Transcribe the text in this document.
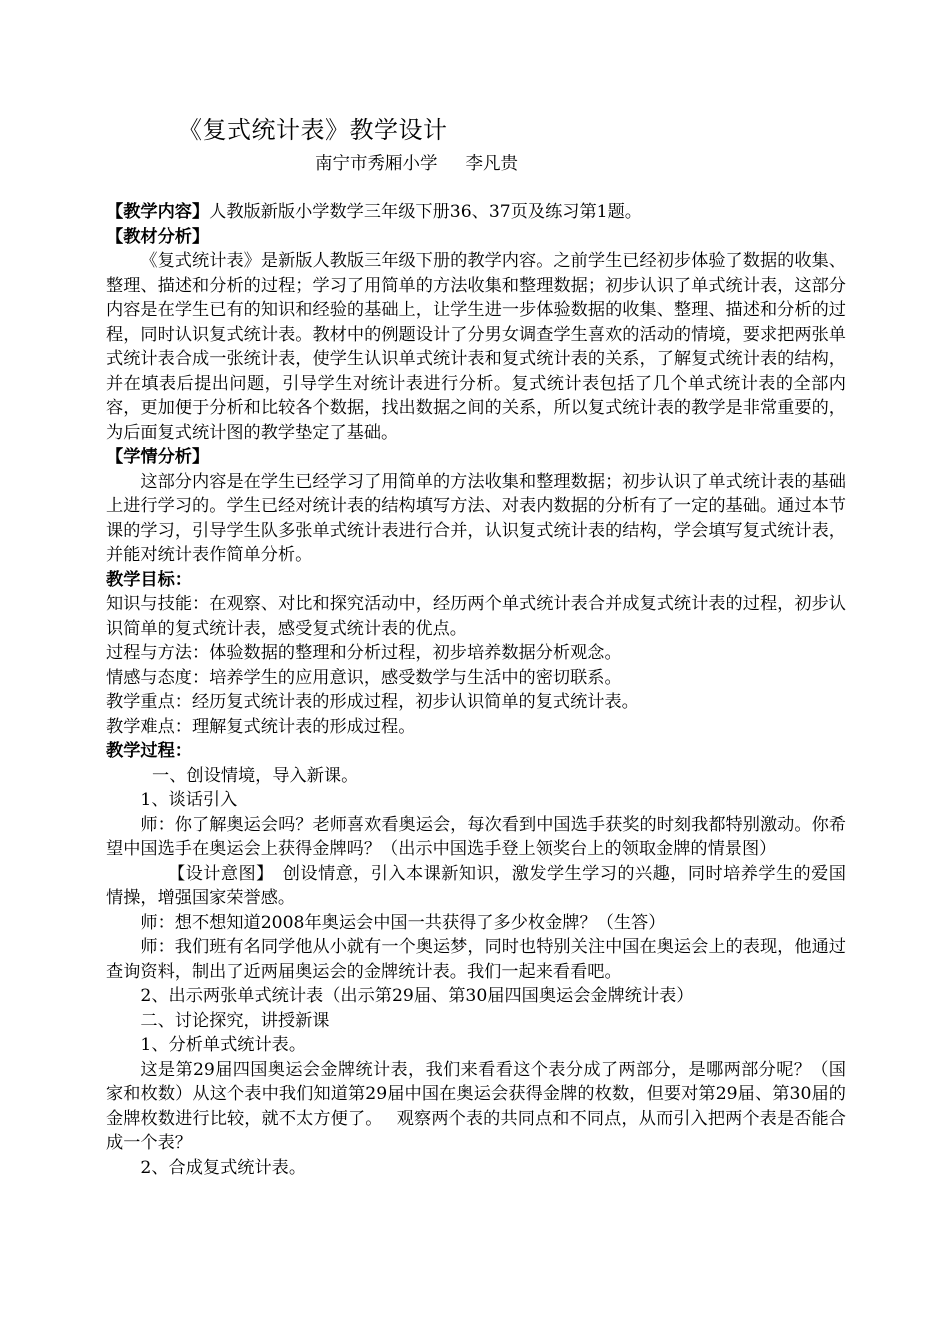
《复式统计表》教学设计
南宁市秀厢小学 李凡贵

【教学内容】人教版新版小学数学三年级下册36、37页及练习第1题。

【教材分析】

《复式统计表》是新版人教版三年级下册的教学内容。之前学生已经初步体验了数据的收集、整理、描述和分析的过程；学习了用简单的方法收集和整理数据；初步认识了单式统计表，这部分内容是在学生已有的知识和经验的基础上，让学生进一步体验数据的收集、整理、描述和分析的过程，同时认识复式统计表。教材中的例题设计了分男女调查学生喜欢的活动的情境，要求把两张单式统计表合成一张统计表，使学生认识单式统计表和复式统计表的关系，了解复式统计表的结构，并在填表后提出问题，引导学生对统计表进行分析。复式统计表包括了几个单式统计表的全部内容，更加便于分析和比较各个数据，找出数据之间的关系，所以复式统计表的教学是非常重要的，为后面复式统计图的教学垫定了基础。

【学情分析】

这部分内容是在学生已经学习了用简单的方法收集和整理数据；初步认识了单式统计表的基础上进行学习的。学生已经对统计表的结构填写方法、对表内数据的分析有了一定的基础。通过本节课的学习，引导学生队多张单式统计表进行合并，认识复式统计表的结构，学会填写复式统计表，并能对统计表作简单分析。

教学目标：

知识与技能：在观察、对比和探究活动中，经历两个单式统计表合并成复式统计表的过程，初步认识简单的复式统计表，感受复式统计表的优点。

过程与方法：体验数据的整理和分析过程，初步培养数据分析观念。

情感与态度：培养学生的应用意识，感受数学与生活中的密切联系。

教学重点：经历复式统计表的形成过程，初步认识简单的复式统计表。

教学难点：理解复式统计表的形成过程。

教学过程：

一、创设情境，导入新课。

1、谈话引入

师：你了解奥运会吗？老师喜欢看奥运会，每次看到中国选手获奖的时刻我都特别激动。你希望中国选手在奥运会上获得金牌吗？（出示中国选手登上领奖台上的领取金牌的情景图）

【设计意图】　 创设情意，引入本课新知识，激发学生学习的兴趣，同时培养学生的爱国情操，增强国家荣誉感。

师：想不想知道2008年奥运会中国一共获得了多少枚金牌？（生答）

师：我们班有名同学他从小就有一个奥运梦，同时也特别关注中国在奥运会上的表现，他通过查询资料，制出了近两届奥运会的金牌统计表。我们一起来看看吧。

2、出示两张单式统计表（出示第29届、第30届四国奥运会金牌统计表）

二、讨论探究，讲授新课

1、分析单式统计表。

这是第29届四国奥运会金牌统计表，我们来看看这个表分成了两部分，是哪两部分呢？（国家和枚数）从这个表中我们知道第29届中国在奥运会获得金牌的枚数，但要对第29届、第30届的金牌枚数进行比较，就不太方便了。　 观察两个表的共同点和不同点，从而引入把两个表是否能合成一个表？

2、合成复式统计表。
